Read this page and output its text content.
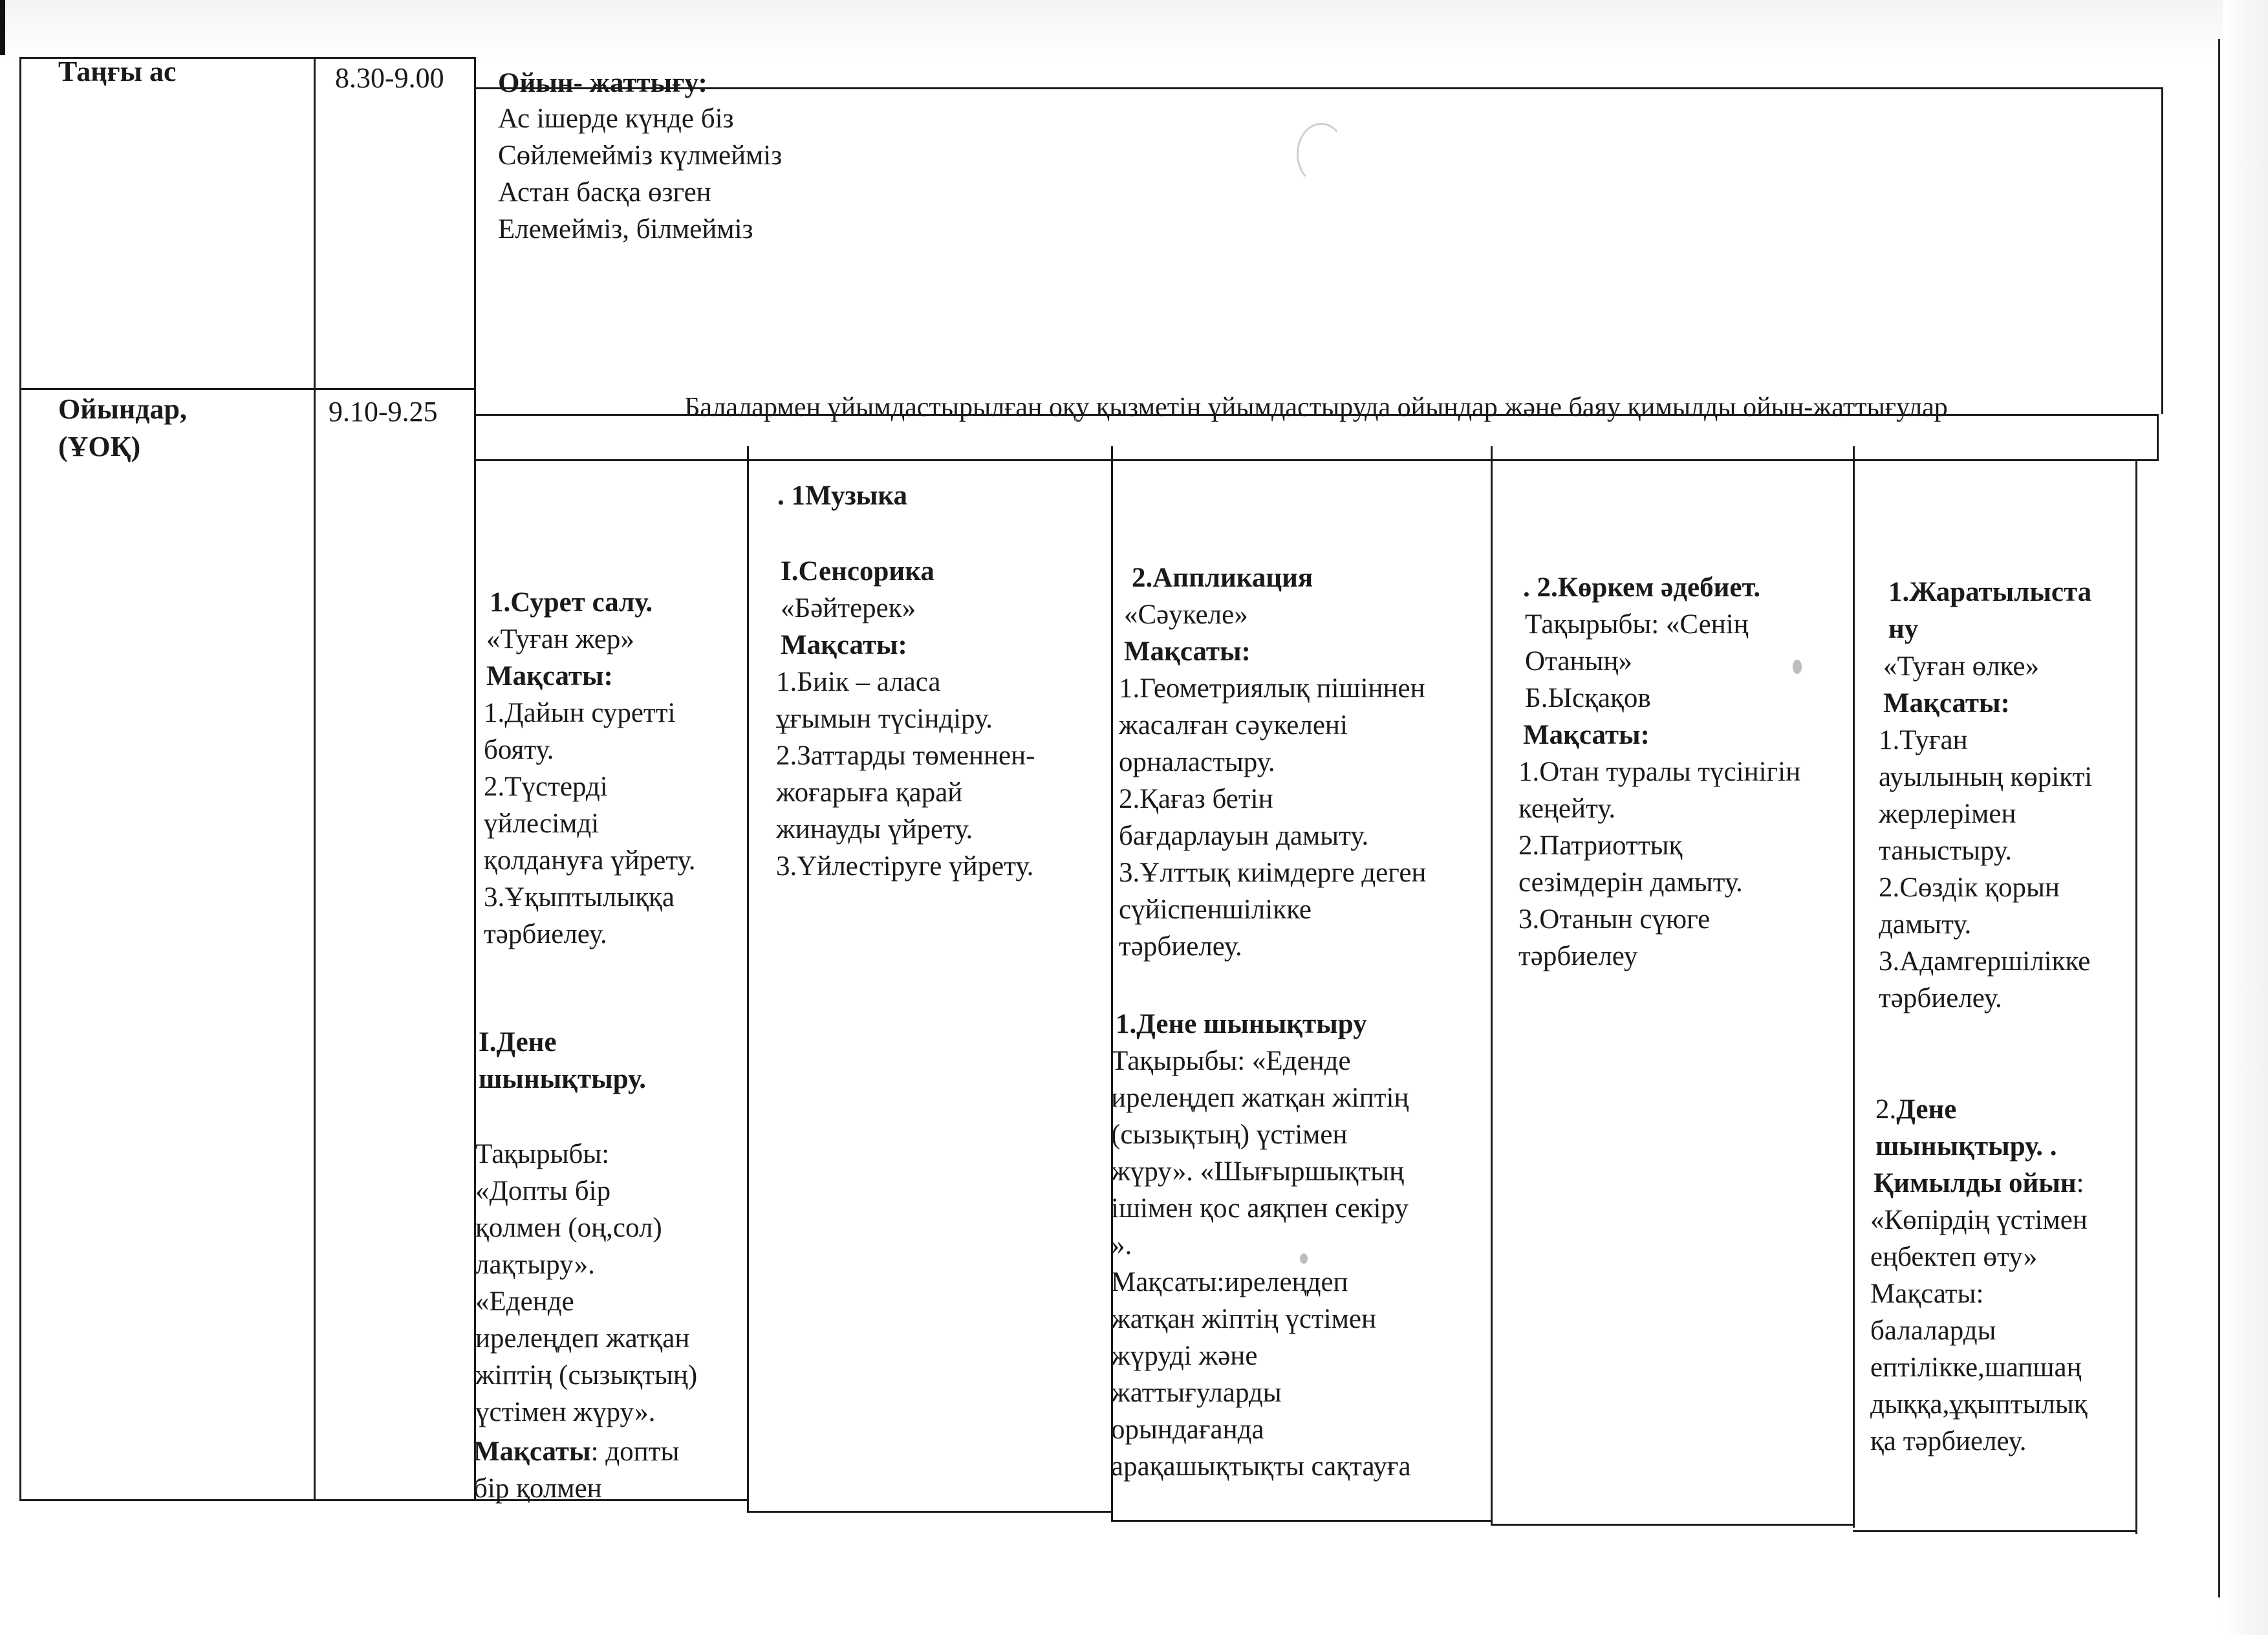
Таңғы ас	8.30-9.00 Ойын- жаттығу:
Ас ішерде күнде біз
Сөйлемейміз күлмейміз
Астан басқа өзген
Елемейміз, білмейміз
Ойындар,
(ҰОҚ)
9.10-9.25	Балалармен ұйымдастырылған оқу қызметін ұйымдастыруда ойындар және баяу қимылды ойын-жаттығулар
1.Сурет салу.
«Туған жер»
Мақсаты:
1.Дайын суретті
бояту.
2.Түстерді
үйлесімді
қолдануға үйрету.
3.Ұқыптылыққа
тәрбиелеу.
І.Дене
шынықтыру.
Тақырыбы:
«Допты бір
қолмен (оң,сол)
лақтыру».
«Еденде
ирелеңдеп жатқан
жіптің (сызықтың)
үстімен жүру».
Мақсаты: допты
бір қолмен
. 1Музыка
І.Сенсорика
«Бәйтерек»
Мақсаты:
1.Биік – аласа
ұғымын түсіндіру.
2.Заттарды төменнен-
жоғарыға қарай
жинауды үйрету.
3.Үйлестіруге үйрету.
2.Аппликация
«Сәукеле»
Мақсаты:
1.Геометриялық пішіннен
жасалған сәукелені
орналастыру.
2.Қағаз бетін
бағдарлауын дамыту.
3.Ұлттық киімдерге деген
сүйіспеншілікке
тәрбиелеу.
1.Дене шынықтыру
Тақырыбы: «Еденде
ирелеңдеп жатқан жіптің
(сызықтың) үстімен
жүру». «Шығыршықтың
ішімен қос аяқпен секіру
».
Мақсаты:ирелеңдеп
жатқан жіптің үстімен
жүруді және
жаттығуларды
орындағанда
арақашықтықты сақтауға
. 2.Көркем әдебиет.
Тақырыбы: «Сенің
Отаның»
Б.Ысқақов
Мақсаты:
1.Отан туралы түсінігін
кеңейту.
2.Патриоттық
сезімдерін дамыту.
3.Отанын сүюге
тәрбиелеу
1.Жаратылыста
ну
«Туған өлке»
Мақсаты:
1.Туған
ауылының көрікті
жерлерімен
таныстыру.
2.Сөздік қорын
дамыту.
3.Адамгершілікке
тәрбиелеу.
2.Дене
шынықтыру. .
Қимылды ойын:
«Көпірдің үстімен
еңбектеп өту»
Мақсаты:
балаларды
ептілікке,шапшаң
дыққа,ұқыптылық
қа тәрбиелеу.
